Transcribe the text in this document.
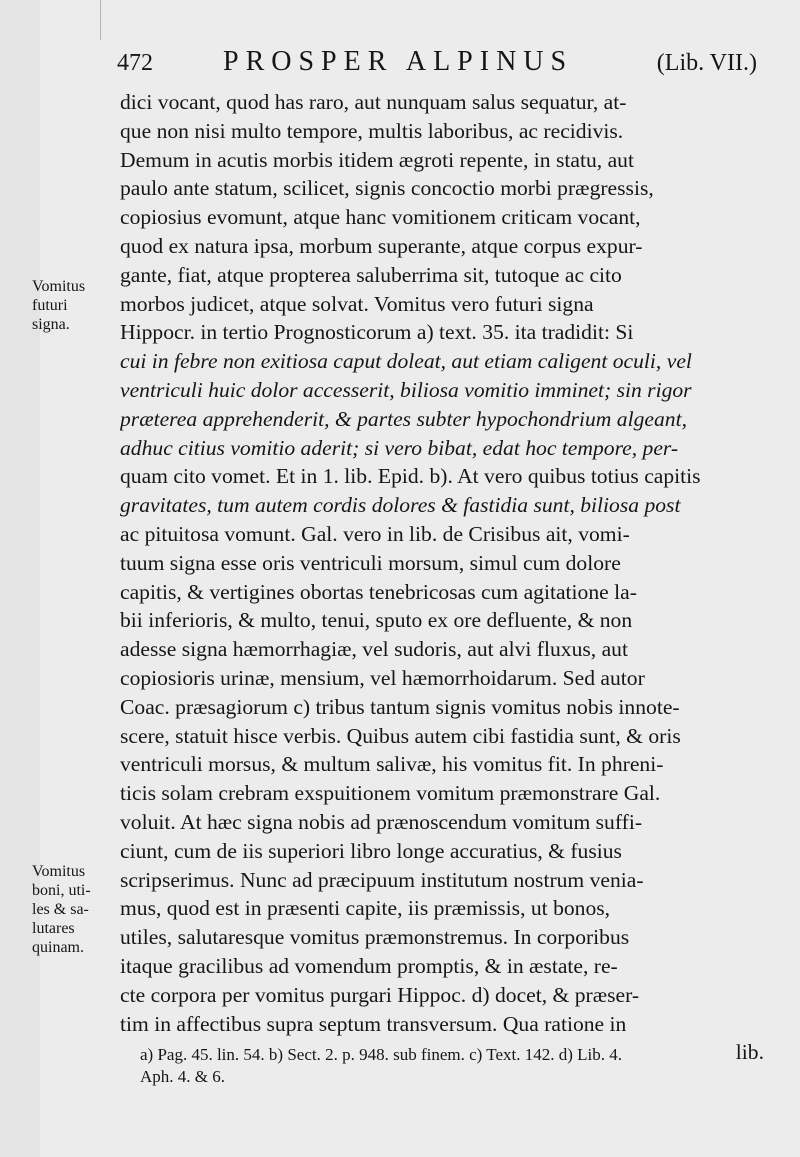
472	PROSPER ALPINUS	(Lib. VII.)
Vomitus
futuri
signa.
Vomitus
boni, uti-
les & sa-
lutares
quinam.
dici vocant, quod has raro, aut nunquam salus sequatur, at-
que non nisi multo tempore, multis laboribus, ac recidivis.
Demum in acutis morbis itidem ægroti repente, in statu, aut
paulo ante statum, scilicet, signis concoctio morbi prægressis,
copiosius evomunt, atque hanc vomitionem criticam vocant,
quod ex natura ipsa, morbum superante, atque corpus expur-
gante, fiat, atque propterea saluberrima sit, tutoque ac cito
morbos judicet, atque solvat. Vomitus vero futuri signa
Hippocr. in tertio Prognosticorum a) text. 35. ita tradidit: Si
cui in febre non exitiosa caput doleat, aut etiam caligent oculi, vel
ventriculi huic dolor accesserit, biliosa vomitio imminet; sin rigor
præterea apprehenderit, & partes subter hypochondrium algeant,
adhuc citius vomitio aderit; si vero bibat, edat hoc tempore, per-
quam cito vomet. Et in 1. lib. Epid. b). At vero quibus totius capitis
gravitates, tum autem cordis dolores & fastidia sunt, biliosa post
ac pituitosa vomunt. Gal. vero in lib. de Crisibus ait, vomi-
tuum signa esse oris ventriculi morsum, simul cum dolore
capitis, & vertigines obortas tenebricosas cum agitatione la-
bii inferioris, & multo, tenui, sputo ex ore defluente, & non
adesse signa hæmorrhagiæ, vel sudoris, aut alvi fluxus, aut
copiosioris urinæ, mensium, vel hæmorrhoidarum. Sed autor
Coac. præsagiorum c) tribus tantum signis vomitus nobis innote-
scere, statuit hisce verbis. Quibus autem cibi fastidia sunt, & oris
ventriculi morsus, & multum salivæ, his vomitus fit. In phreni-
ticis solam crebram exspuitionem vomitum præmonstrare Gal.
voluit. At hæc signa nobis ad prænoscendum vomitum suffi-
ciunt, cum de iis superiori libro longe accuratius, & fusius
scripserimus. Nunc ad præcipuum institutum nostrum venia-
mus, quod est in præsenti capite, iis præmissis, ut bonos,
utiles, salutaresque vomitus præmonstremus. In corporibus
itaque gracilibus ad vomendum promptis, & in æstate, re-
cte corpora per vomitus purgari Hippoc. d) docet, & præser-
tim in affectibus supra septum transversum. Qua ratione in
lib.
a) Pag. 45. lin. 54. b) Sect. 2. p. 948. sub finem. c) Text. 142. d) Lib. 4.
Aph. 4. & 6.
